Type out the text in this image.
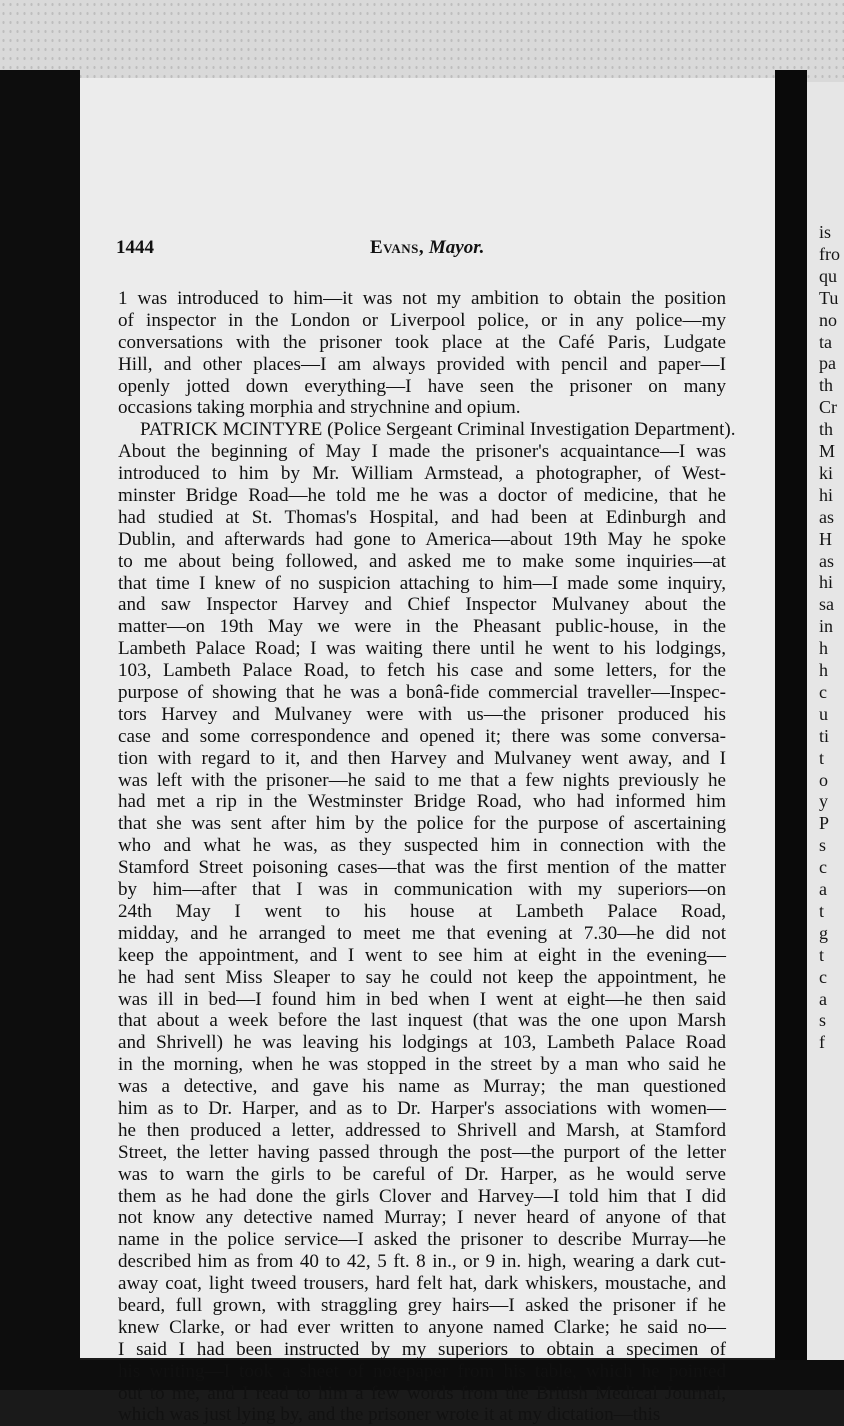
is
fro
qu
Tu
no
ta
pa
th
Cr
th
M
ki
hi
as
H
as
hi
sa
in
h
h
c
u
ti
t
o
y
P
s
c
a
t
g
t
c
a
s
f
1444	Evans, Mayor.
1 was introduced to him—it was not my ambition to obtain the position
of inspector in the London or Liverpool police, or in any police—my
conversations with the prisoner took place at the Café Paris, Ludgate
Hill, and other places—I am always provided with pencil and paper—I
openly jotted down everything—I have seen the prisoner on many
occasions taking morphia and strychnine and opium.
PATRICK MCINTYRE (Police Sergeant Criminal Investigation Department).
About the beginning of May I made the prisoner's acquaintance—I was
introduced to him by Mr. William Armstead, a photographer, of West-
minster Bridge Road—he told me he was a doctor of medicine, that he
had studied at St. Thomas's Hospital, and had been at Edinburgh and
Dublin, and afterwards had gone to America—about 19th May he spoke
to me about being followed, and asked me to make some inquiries—at
that time I knew of no suspicion attaching to him—I made some inquiry,
and saw Inspector Harvey and Chief Inspector Mulvaney about the
matter—on 19th May we were in the Pheasant public-house, in the
Lambeth Palace Road; I was waiting there until he went to his lodgings,
103, Lambeth Palace Road, to fetch his case and some letters, for the
purpose of showing that he was a bonâ-fide commercial traveller—Inspec-
tors Harvey and Mulvaney were with us—the prisoner produced his
case and some correspondence and opened it; there was some conversa-
tion with regard to it, and then Harvey and Mulvaney went away, and I
was left with the prisoner—he said to me that a few nights previously he
had met a rip in the Westminster Bridge Road, who had informed him
that she was sent after him by the police for the purpose of ascertaining
who and what he was, as they suspected him in connection with the
Stamford Street poisoning cases—that was the first mention of the matter
by him—after that I was in communication with my superiors—on
24th May I went to his house at Lambeth Palace Road,
midday, and he arranged to meet me that evening at 7.30—he did not
keep the appointment, and I went to see him at eight in the evening—
he had sent Miss Sleaper to say he could not keep the appointment, he
was ill in bed—I found him in bed when I went at eight—he then said
that about a week before the last inquest (that was the one upon Marsh
and Shrivell) he was leaving his lodgings at 103, Lambeth Palace Road
in the morning, when he was stopped in the street by a man who said he
was a detective, and gave his name as Murray; the man questioned
him as to Dr. Harper, and as to Dr. Harper's associations with women—
he then produced a letter, addressed to Shrivell and Marsh, at Stamford
Street, the letter having passed through the post—the purport of the letter
was to warn the girls to be careful of Dr. Harper, as he would serve
them as he had done the girls Clover and Harvey—I told him that I did
not know any detective named Murray; I never heard of anyone of that
name in the police service—I asked the prisoner to describe Murray—he
described him as from 40 to 42, 5 ft. 8 in., or 9 in. high, wearing a dark cut-
away coat, light tweed trousers, hard felt hat, dark whiskers, moustache, and
beard, full grown, with straggling grey hairs—I asked the prisoner if he
knew Clarke, or had ever written to anyone named Clarke; he said no—
I said I had been instructed by my superiors to obtain a specimen of
his writing—I took a sheet of notepaper from his table, which he pointed
out to me, and I read to him a few words from the British Medical Journal,
which was just lying by, and the prisoner wrote it at my dictation—this
